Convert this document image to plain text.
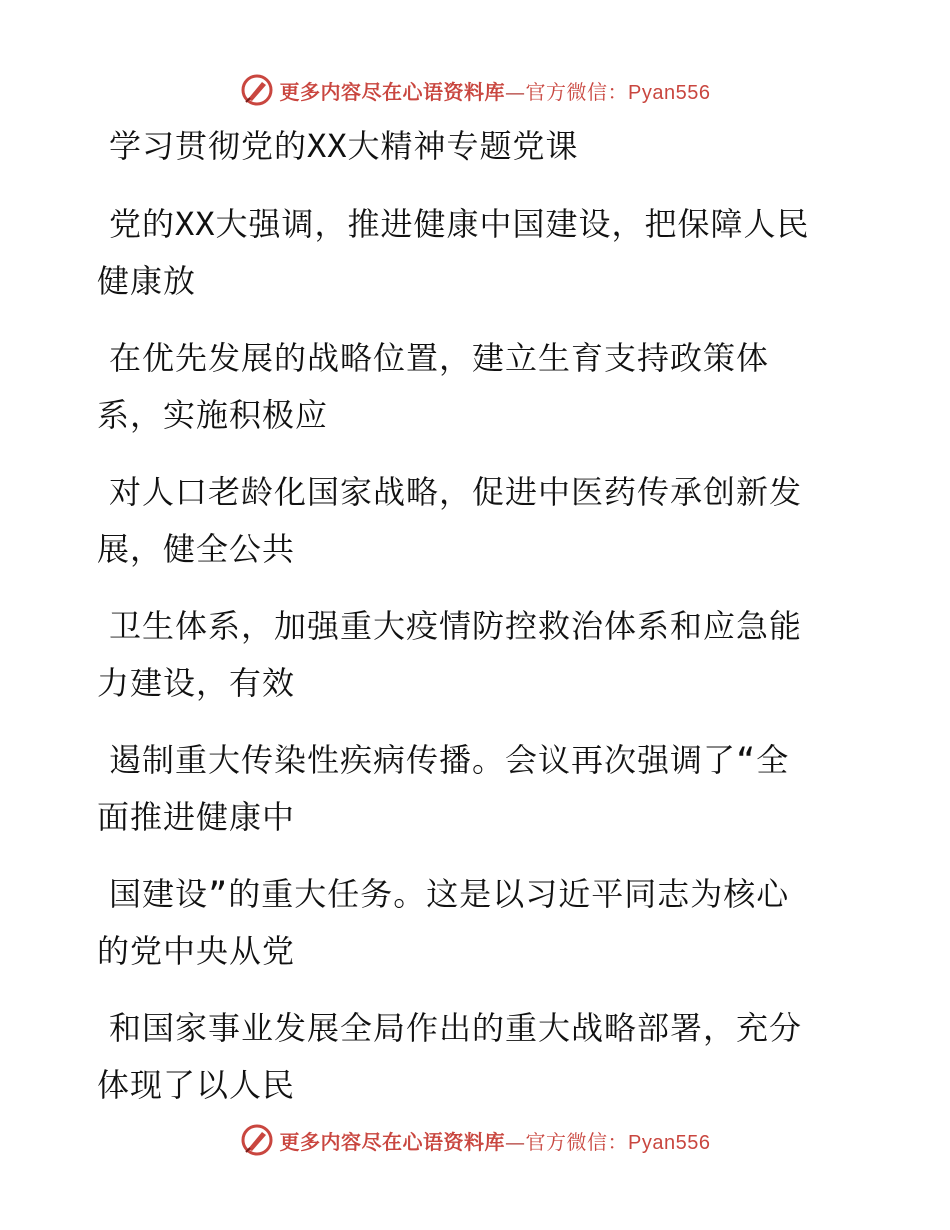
更多内容尽在心语资料库—官方微信：Pyan556
学习贯彻党的XX大精神专题党课
党的XX大强调，推进健康中国建设，把保障人民
健康放
在优先发展的战略位置，建立生育支持政策体
系，实施积极应
对人口老龄化国家战略，促进中医药传承创新发
展，健全公共
卫生体系，加强重大疫情防控救治体系和应急能
力建设，有效
遏制重大传染性疾病传播。会议再次强调了“全
面推进健康中
国建设”的重大任务。这是以习近平同志为核心
的党中央从党
和国家事业发展全局作出的重大战略部署，充分
体现了以人民
更多内容尽在心语资料库—官方微信：Pyan556
